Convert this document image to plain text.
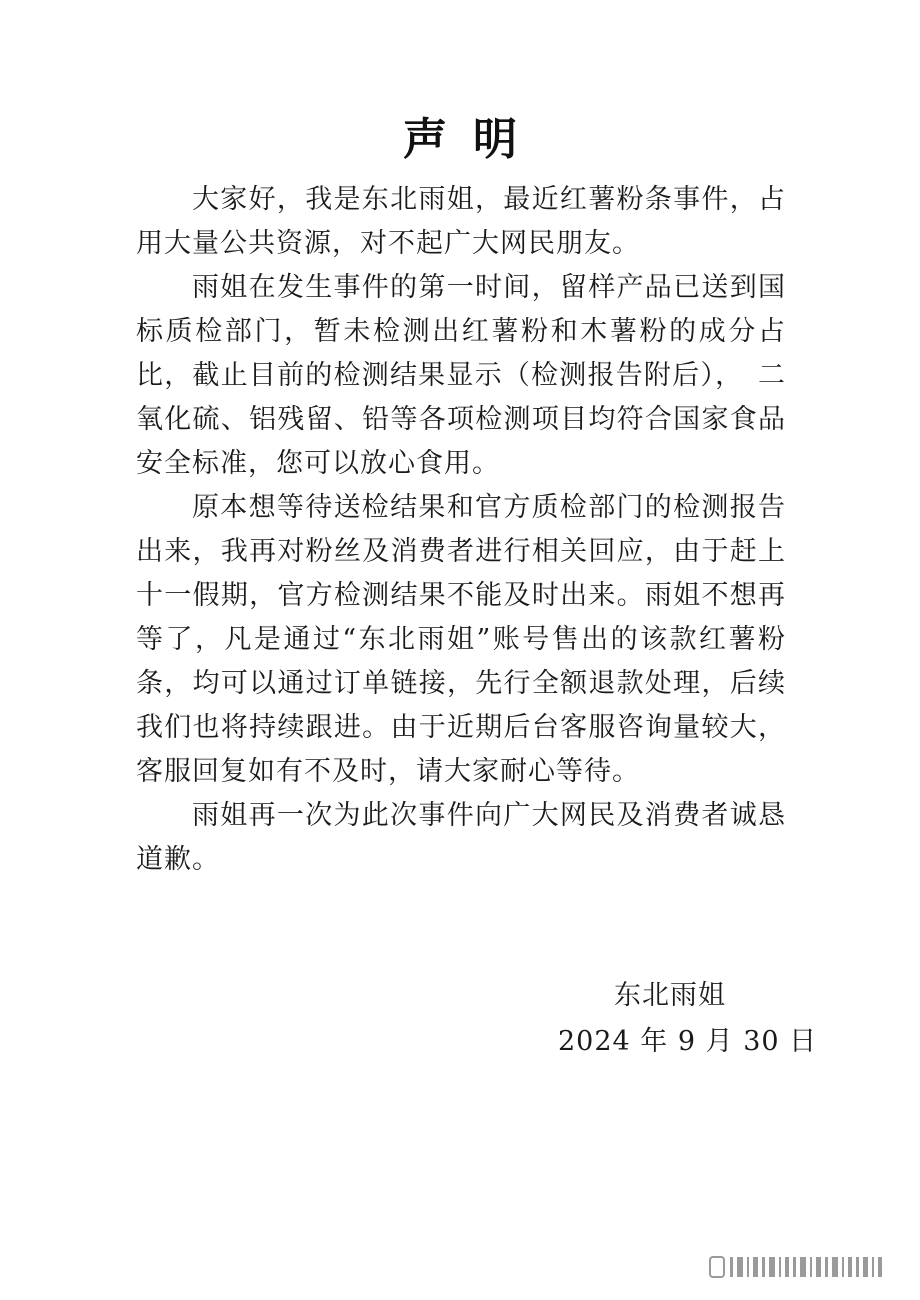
声明

大家好，我是东北雨姐，最近红薯粉条事件，占用大量公共资源，对不起广大网民朋友。

雨姐在发生事件的第一时间，留样产品已送到国标质检部门，暂未检测出红薯粉和木薯粉的成分占比，截止目前的检测结果显示（检测报告附后），　二氧化硫、铝残留、铅等各项检测项目均符合国家食品安全标准，您可以放心食用。

原本想等待送检结果和官方质检部门的检测报告出来，我再对粉丝及消费者进行相关回应，由于赶上十一假期，官方检测结果不能及时出来。雨姐不想再等了，凡是通过“东北雨姐”账号售出的该款红薯粉条，均可以通过订单链接，先行全额退款处理，后续我们也将持续跟进。由于近期后台客服咨询量较大，客服回复如有不及时，请大家耐心等待。

雨姐再一次为此次事件向广大网民及消费者诚恳道歉。

东北雨姐
2024 年 9 月 30 日
